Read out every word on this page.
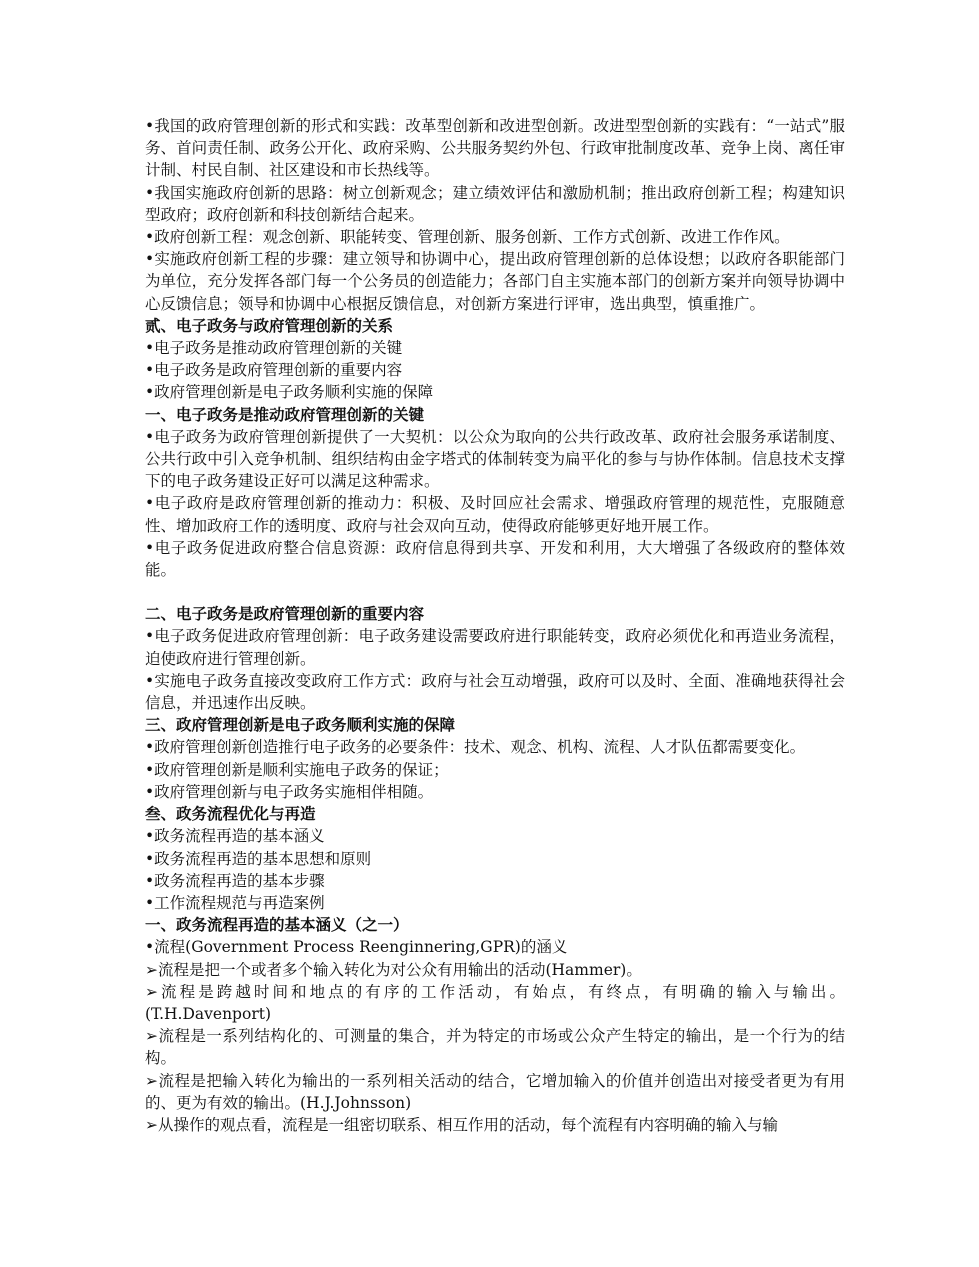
•我国的政府管理创新的形式和实践：改革型创新和改进型创新。改进型型创新的实践有：“一站式”服务、首问责任制、政务公开化、政府采购、公共服务契约外包、行政审批制度改革、竞争上岗、离任审计制、村民自制、社区建设和市长热线等。

•我国实施政府创新的思路：树立创新观念；建立绩效评估和激励机制；推出政府创新工程；构建知识型政府；政府创新和科技创新结合起来。

•政府创新工程：观念创新、职能转变、管理创新、服务创新、工作方式创新、改进工作作风。

•实施政府创新工程的步骤：建立领导和协调中心，提出政府管理创新的总体设想；以政府各职能部门为单位，充分发挥各部门每一个公务员的创造能力；各部门自主实施本部门的创新方案并向领导协调中心反馈信息；领导和协调中心根据反馈信息，对创新方案进行评审，选出典型，慎重推广。

贰、电子政务与政府管理创新的关系

•电子政务是推动政府管理创新的关键

•电子政务是政府管理创新的重要内容

•政府管理创新是电子政务顺利实施的保障

一、电子政务是推动政府管理创新的关键

•电子政务为政府管理创新提供了一大契机：以公众为取向的公共行政改革、政府社会服务承诺制度、公共行政中引入竞争机制、组织结构由金字塔式的体制转变为扁平化的参与与协作体制。信息技术支撑下的电子政务建设正好可以满足这种需求。

•电子政府是政府管理创新的推动力：积极、及时回应社会需求、增强政府管理的规范性，克服随意性、增加政府工作的透明度、政府与社会双向互动，使得政府能够更好地开展工作。

•电子政务促进政府整合信息资源：政府信息得到共享、开发和利用，大大增强了各级政府的整体效能。

二、电子政务是政府管理创新的重要内容

•电子政务促进政府管理创新：电子政务建设需要政府进行职能转变，政府必须优化和再造业务流程，迫使政府进行管理创新。

•实施电子政务直接改变政府工作方式：政府与社会互动增强，政府可以及时、全面、准确地获得社会信息，并迅速作出反映。

三、政府管理创新是电子政务顺利实施的保障

•政府管理创新创造推行电子政务的必要条件：技术、观念、机构、流程、人才队伍都需要变化。

•政府管理创新是顺利实施电子政务的保证；

•政府管理创新与电子政务实施相伴相随。

叁、政务流程优化与再造

•政务流程再造的基本涵义

•政务流程再造的基本思想和原则

•政务流程再造的基本步骤

•工作流程规范与再造案例

一、政务流程再造的基本涵义（之一）

•流程(Government Process Reenginnering,GPR)的涵义

➢流程是把一个或者多个输入转化为对公众有用输出的活动(Hammer)。

➢流程是跨越时间和地点的有序的工作活动，有始点，有终点，有明确的输入与输出。(T.H.Davenport)

➢流程是一系列结构化的、可测量的集合，并为特定的市场或公众产生特定的输出，是一个行为的结构。

➢流程是把输入转化为输出的一系列相关活动的结合，它增加输入的价值并创造出对接受者更为有用的、更为有效的输出。(H.J.Johnsson)

➢从操作的观点看，流程是一组密切联系、相互作用的活动，每个流程有内容明确的输入与输
